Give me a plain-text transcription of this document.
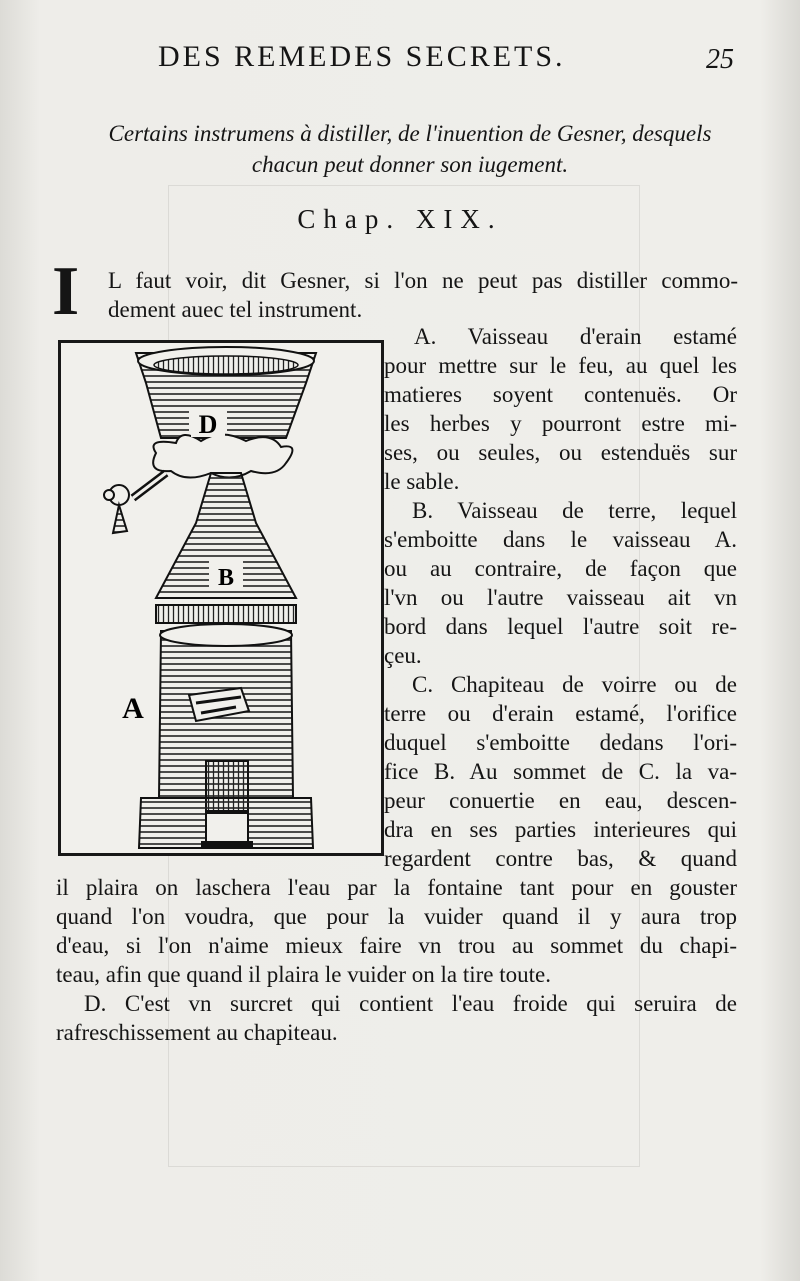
DES REMEDES SECRETS.	25
Certains instrumens à distiller, de l'inuention de Gesner, desquels
chacun peut donner son iugement.
Chap. XIX.
I L faut voir, dit Gesner, si l'on ne peut pas distiller commo-
dement auec tel instrument.
D
B
A
A. Vaisseau d'erain estamé
pour mettre sur le feu, au quel les
matieres soyent contenuës. Or
les herbes y pourront estre mi-
ses, ou seules, ou estenduës sur
le sable.
B. Vaisseau de terre, lequel
s'emboitte dans le vaisseau A.
ou au contraire, de façon que
l'vn ou l'autre vaisseau ait vn
bord dans lequel l'autre soit re-
çeu.
C. Chapiteau de voirre ou de
terre ou d'erain estamé, l'orifice
duquel s'emboitte dedans l'ori-
fice B. Au sommet de C. la va-
peur conuertie en eau, descen-
dra en ses parties interieures qui
regardent contre bas, & quand
il plaira on laschera l'eau par la fontaine tant pour en gouster
quand l'on voudra, que pour la vuider quand il y aura trop
d'eau, si l'on n'aime mieux faire vn trou au sommet du chapi-
teau, afin que quand il plaira le vuider on la tire toute.
D. C'est vn surcret qui contient l'eau froide qui seruira de
rafreschissement au chapiteau.
